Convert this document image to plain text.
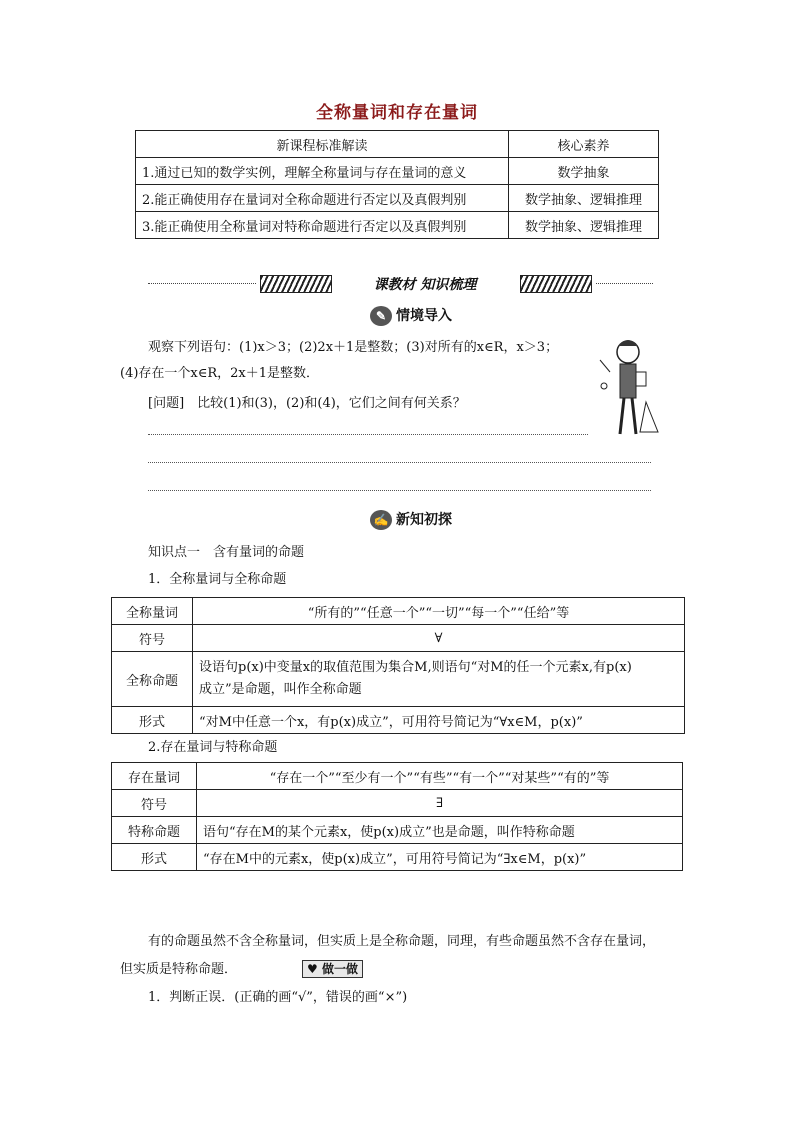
全称量词和存在量词
新课程标准解读	核心素养
1.通过已知的数学实例，理解全称量词与存在量词的意义	数学抽象
2.能正确使用存在量词对全称命题进行否定以及真假判别	数学抽象、逻辑推理
3.能正确使用全称量词对特称命题进行否定以及真假判别	数学抽象、逻辑推理
课教材 知识梳理
✎ 情境导入
观察下列语句：(1)x＞3；(2)2x＋1是整数；(3)对所有的x∈R，x＞3；
(4)存在一个x∈R，2x＋1是整数．
[问题]　比较(1)和(3)，(2)和(4)，它们之间有何关系？
✍ 新知初探
知识点一　含有量词的命题
1．全称量词与全称命题
全称量词	“所有的”“任意一个”“一切”“每一个”“任给”等
符号	∀
全称命题	设语句p(x)中变量x的取值范围为集合M,则语句“对M的任一个元素x,有p(x)
成立”是命题，叫作全称命题

形式	“对M中任意一个x，有p(x)成立”，可用符号简记为“∀x∈M，p(x)”
2.存在量词与特称命题
存在量词	“存在一个”“至少有一个”“有些”“有一个”“对某些”“有的”等
符号	∃
特称命题	语句“存在M的某个元素x，使p(x)成立”也是命题，叫作特称命题
形式	“存在M中的元素x，使p(x)成立”，可用符号简记为“∃x∈M，p(x)”
有的命题虽然不含全称量词，但实质上是全称命题，同理，有些命题虽然不含存在量词，
但实质是特称命题．	♥ 做一做
1．判断正误．(正确的画“√”，错误的画“×”)
